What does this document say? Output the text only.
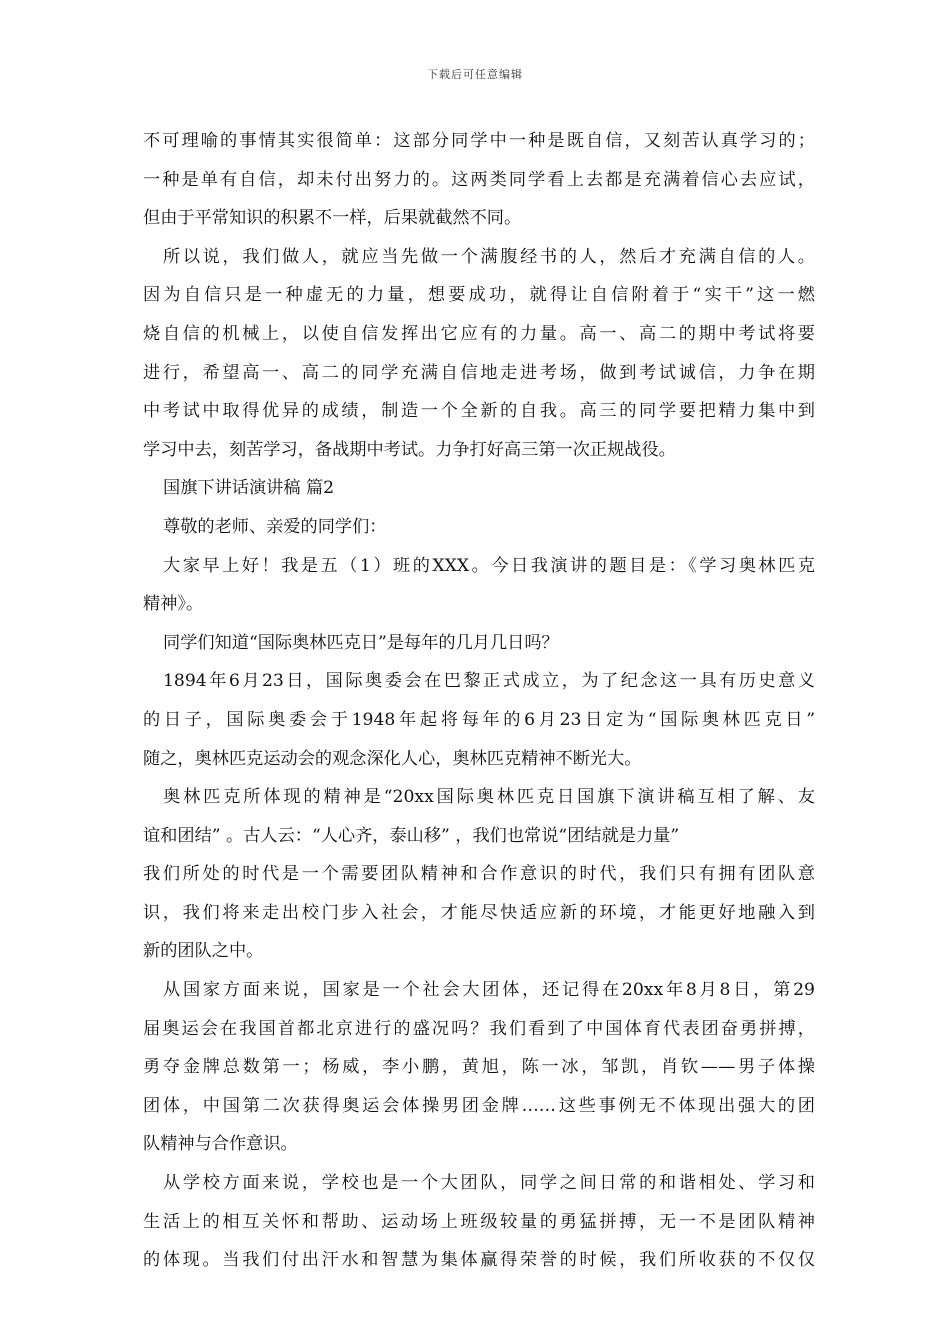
下载后可任意编辑
不可理喻的事情其实很简单：这部分同学中一种是既自信，又刻苦认真学习的；
一种是单有自信，却未付出努力的。这两类同学看上去都是充满着信心去应试，
但由于平常知识的积累不一样，后果就截然不同。
所以说，我们做人，就应当先做一个满腹经书的人，然后才充满自信的人。
因为自信只是一种虚无的力量，想要成功，就得让自信附着于“实干”这一燃
烧自信的机械上，以使自信发挥出它应有的力量。高一、高二的期中考试将要
进行，希望高一、高二的同学充满自信地走进考场，做到考试诚信，力争在期
中考试中取得优异的成绩，制造一个全新的自我。高三的同学要把精力集中到
学习中去，刻苦学习，备战期中考试。力争打好高三第一次正规战役。
国旗下讲话演讲稿 篇2
尊敬的老师、亲爱的同学们：
大家早上好！我是五（1）班的XXX。今日我演讲的题目是：《学习奥林匹克
精神》。
同学们知道“国际奥林匹克日”是每年的几月几日吗？
1894年6月23日，国际奥委会在巴黎正式成立，为了纪念这一具有历史意义
的日子，国际奥委会于1948年起将每年的6月23日定为“国际奥林匹克日”
随之，奥林匹克运动会的观念深化人心，奥林匹克精神不断光大。
奥林匹克所体现的精神是“20xx国际奥林匹克日国旗下演讲稿互相了解、友
谊和团结” 。古人云：“人心齐，泰山移” ，我们也常说“团结就是力量”
我们所处的时代是一个需要团队精神和合作意识的时代，我们只有拥有团队意
识，我们将来走出校门步入社会，才能尽快适应新的环境，才能更好地融入到
新的团队之中。
从国家方面来说，国家是一个社会大团体，还记得在20xx年8月8日，第29
届奥运会在我国首都北京进行的盛况吗？我们看到了中国体育代表团奋勇拼搏，
勇夺金牌总数第一；杨威，李小鹏，黄旭，陈一冰，邹凯，肖钦——男子体操
团体，中国第二次获得奥运会体操男团金牌……这些事例无不体现出强大的团
队精神与合作意识。
从学校方面来说，学校也是一个大团队，同学之间日常的和谐相处、学习和
生活上的相互关怀和帮助、运动场上班级较量的勇猛拼搏，无一不是团队精神
的体现。当我们付出汗水和智慧为集体赢得荣誉的时候，我们所收获的不仅仅
